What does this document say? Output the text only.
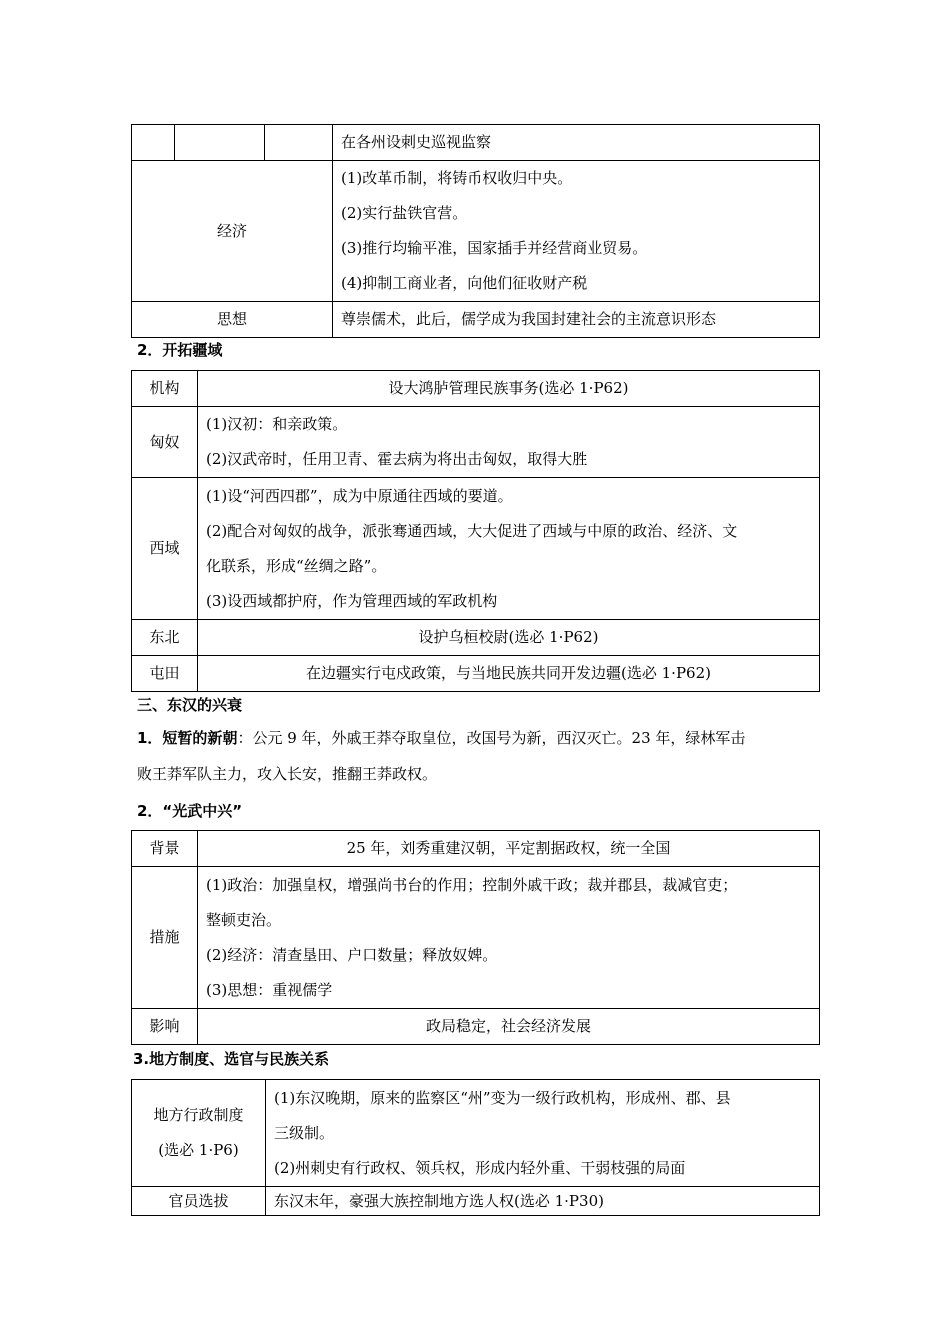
			在各州设刺史巡视监察
经济			(1)改革币制，将铸币权收归中央。
(2)实行盐铁官营。
(3)推行均输平准，国家插手并经营商业贸易。
(4)抑制工商业者，向他们征收财产税

思想			尊崇儒术，此后，儒学成为我国封建社会的主流意识形态
2．开拓疆域
机构	设大鸿胪管理民族事务(选必 1·P62)
匈奴	(1)汉初：和亲政策。
(2)汉武帝时，任用卫青、霍去病为将出击匈奴，取得大胜

西域	(1)设“河西四郡”，成为中原通往西域的要道。
(2)配合对匈奴的战争，派张骞通西域，大大促进了西域与中原的政治、经济、文
化联系，形成“丝绸之路”。
(3)设西域都护府，作为管理西域的军政机构

东北	设护乌桓校尉(选必 1·P62)
屯田	在边疆实行屯戍政策，与当地民族共同开发边疆(选必 1·P62)
三、东汉的兴衰
1．短暂的新朝：公元 9 年，外戚王莽夺取皇位，改国号为新，西汉灭亡。23 年，绿林军击
败王莽军队主力，攻入长安，推翻王莽政权。
2．“光武中兴”
背景	25 年，刘秀重建汉朝，平定割据政权，统一全国
措施	(1)政治：加强皇权，增强尚书台的作用；控制外戚干政；裁并郡县，裁减官吏；
整顿吏治。
(2)经济：清查垦田、户口数量；释放奴婢。
(3)思想：重视儒学

影响	政局稳定，社会经济发展
3.地方制度、选官与民族关系
地方行政制度
(选必 1·P6)	(1)东汉晚期，原来的监察区“州”变为一级行政机构，形成州、郡、县
三级制。
(2)州刺史有行政权、领兵权，形成内轻外重、干弱枝强的局面

官员选拔	东汉末年，豪强大族控制地方选人权(选必 1·P30)
